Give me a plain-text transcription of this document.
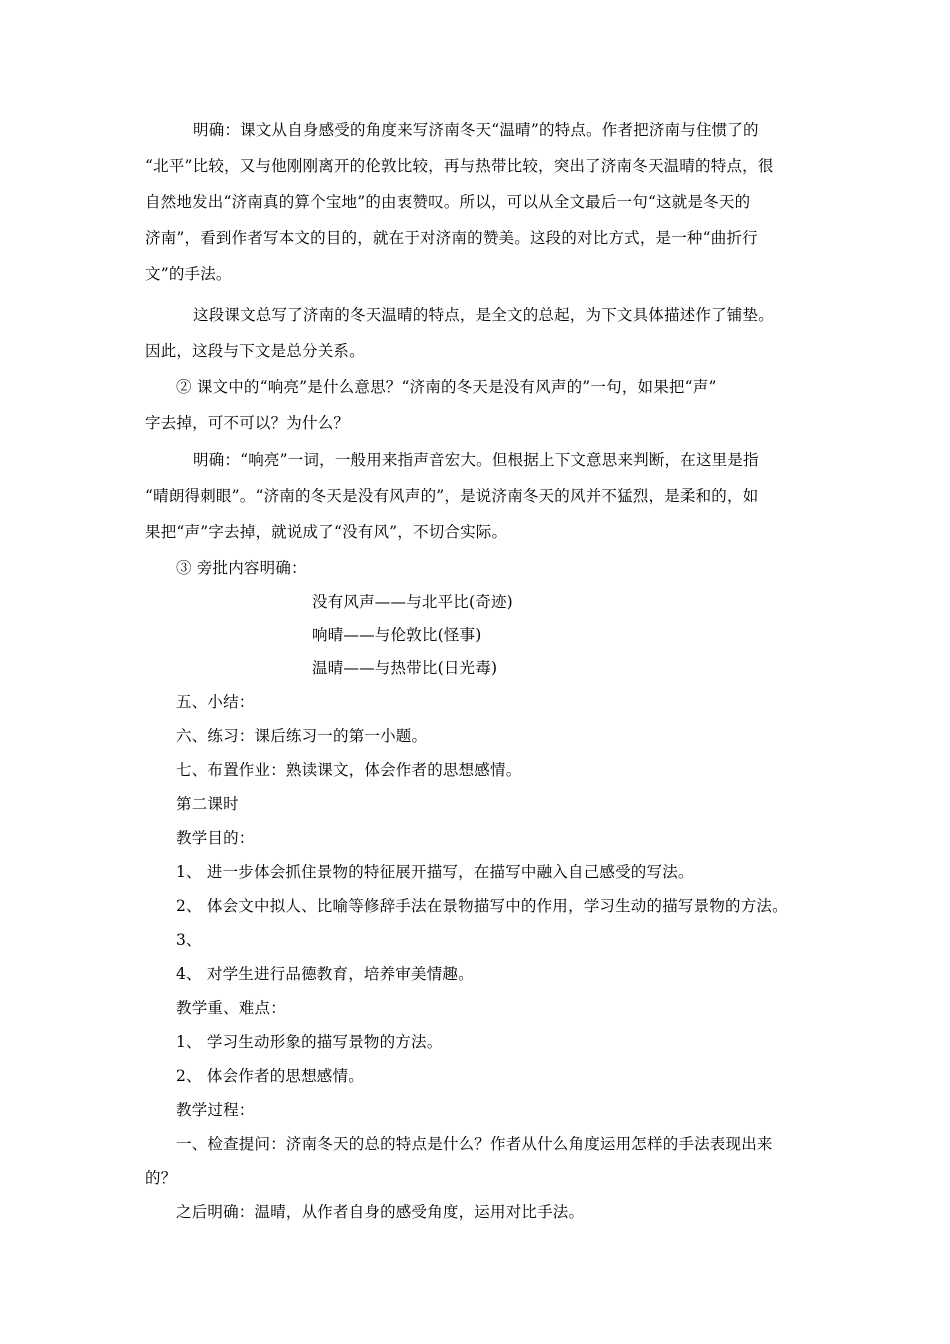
明确：课文从自身感受的角度来写济南冬天“温晴”的特点。作者把济南与住惯了的
“北平”比较，又与他刚刚离开的伦敦比较，再与热带比较，突出了济南冬天温晴的特点，很
自然地发出“济南真的算个宝地”的由衷赞叹。所以，可以从全文最后一句“这就是冬天的
济南”，看到作者写本文的目的，就在于对济南的赞美。这段的对比方式，是一种“曲折行
文”的手法。
这段课文总写了济南的冬天温晴的特点，是全文的总起，为下文具体描述作了铺垫。
因此，这段与下文是总分关系。
② 课文中的“响亮”是什么意思？“济南的冬天是没有风声的”一句，如果把“声”
字去掉，可不可以？为什么？
明确：“响亮”一词，一般用来指声音宏大。但根据上下文意思来判断，在这里是指
“晴朗得刺眼”。“济南的冬天是没有风声的”，是说济南冬天的风并不猛烈，是柔和的，如
果把“声”字去掉，就说成了“没有风”，不切合实际。
③ 旁批内容明确：
没有风声——与北平比(奇迹)
响晴——与伦敦比(怪事)
温晴——与热带比(日光毒)
五、小结：
六、练习：课后练习一的第一小题。
七、布置作业：熟读课文，体会作者的思想感情。
第二课时
教学目的：
1、 进一步体会抓住景物的特征展开描写，在描写中融入自己感受的写法。
2、 体会文中拟人、比喻等修辞手法在景物描写中的作用，学习生动的描写景物的方法。
3、
4、 对学生进行品德教育，培养审美情趣。
教学重、难点：
1、 学习生动形象的描写景物的方法。
2、 体会作者的思想感情。
教学过程：
一、检查提问：济南冬天的总的特点是什么？作者从什么角度运用怎样的手法表现出来
的？
之后明确：温晴，从作者自身的感受角度，运用对比手法。
